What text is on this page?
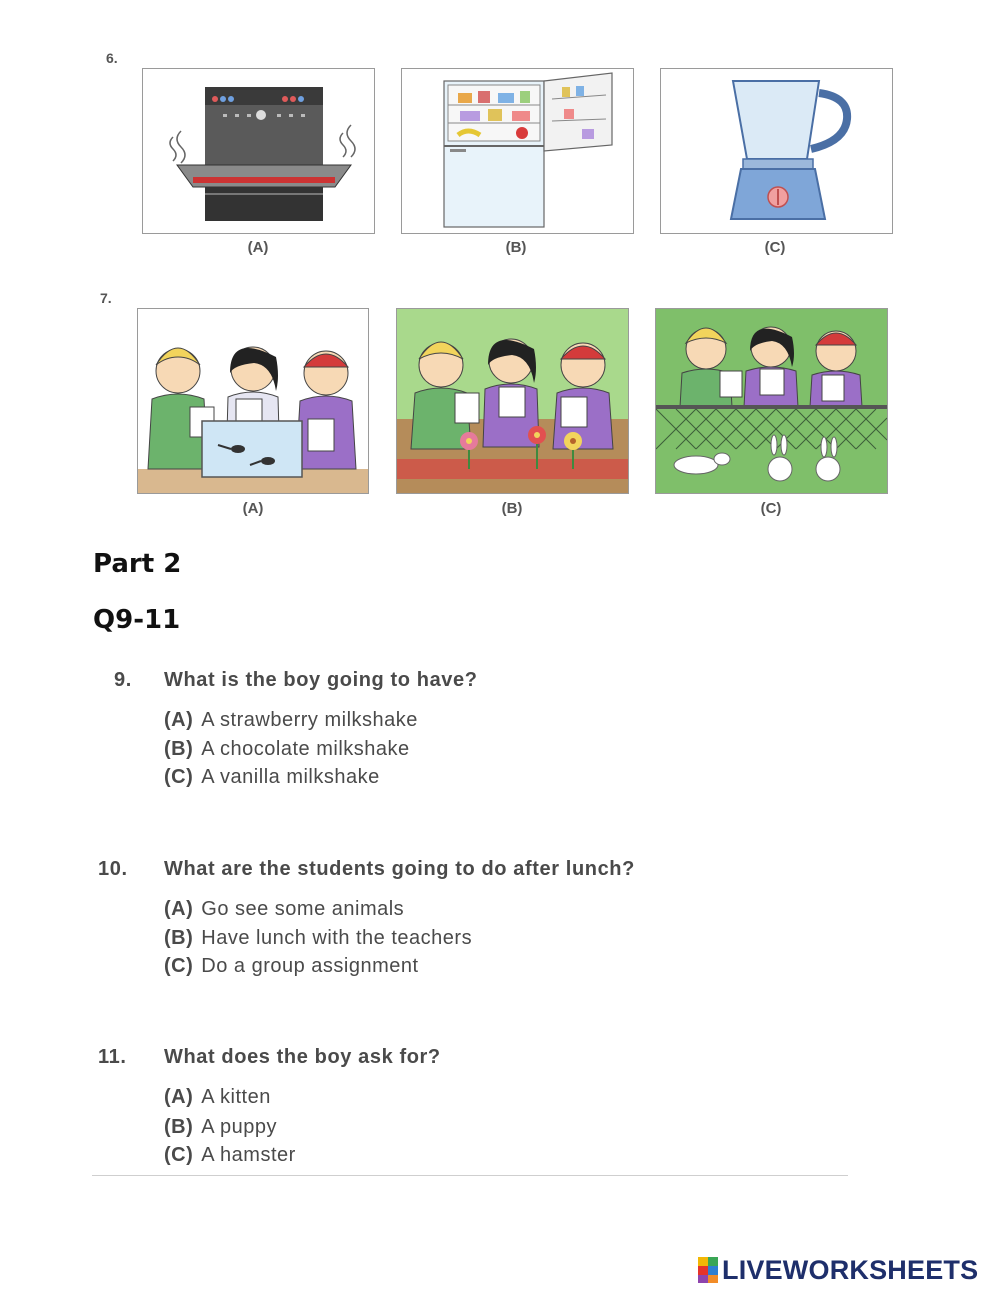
6.
(A)	(B)	(C)
7.
(A)	(B)	(C)
Part 2
Q9-11
9. What is the boy going to have?
(A) A strawberry milkshake
(B) A chocolate milkshake
(C) A vanilla milkshake
10. What are the students going to do after lunch?
(A) Go see some animals
(B) Have lunch with the teachers
(C) Do a group assignment
11. What does the boy ask for?
(A) A kitten
(B) A puppy
(C) A hamster
LIVEWORKSHEETS
